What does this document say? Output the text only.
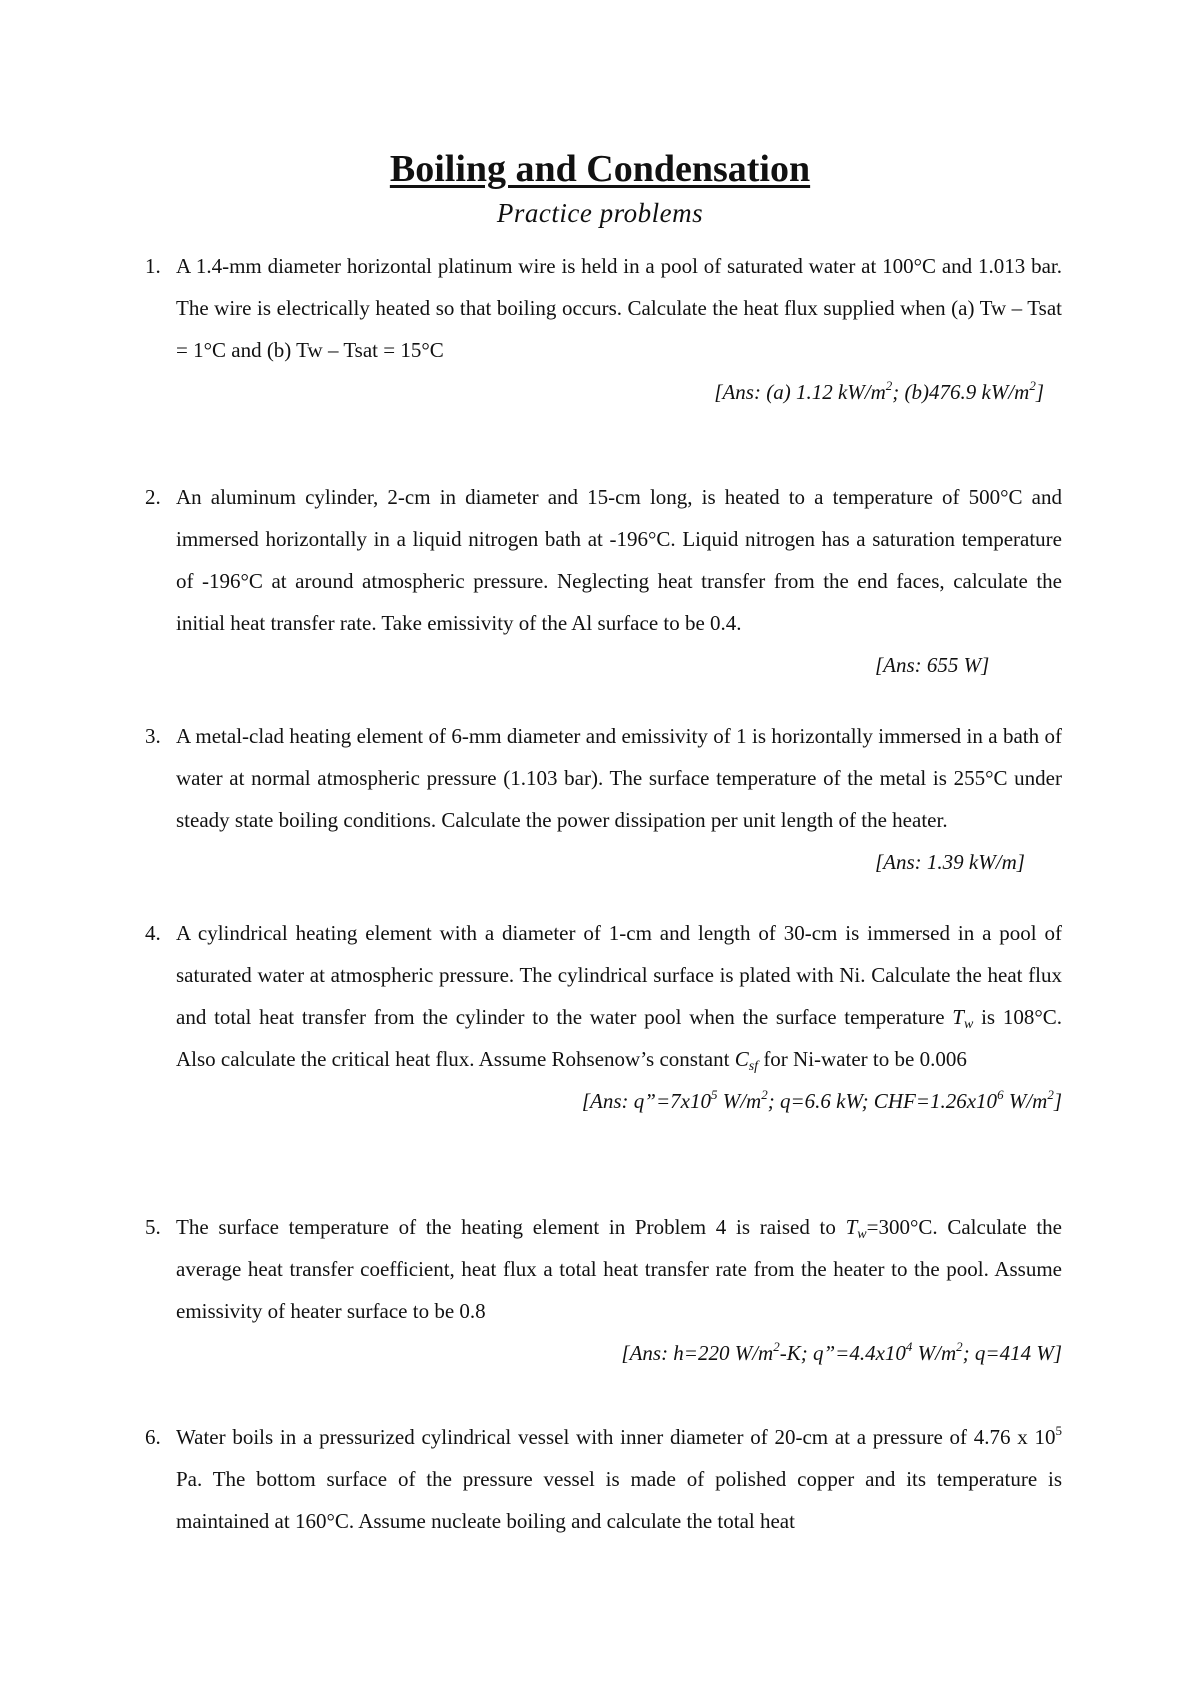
Boiling and Condensation
Practice problems
1. A 1.4-mm diameter horizontal platinum wire is held in a pool of saturated water at 100°C and 1.013 bar. The wire is electrically heated so that boiling occurs. Calculate the heat flux supplied when (a) Tw – Tsat = 1°C and (b) Tw – Tsat = 15°C
[Ans: (a) 1.12 $kW/m^2$; (b)476.9 $kW/m^2$]
2. An aluminum cylinder, 2-cm in diameter and 15-cm long, is heated to a temperature of 500°C and immersed horizontally in a liquid nitrogen bath at -196°C. Liquid nitrogen has a saturation temperature of -196°C at around atmospheric pressure. Neglecting heat transfer from the end faces, calculate the initial heat transfer rate. Take emissivity of the Al surface to be 0.4.
[Ans: 655 W]
3. A metal-clad heating element of 6-mm diameter and emissivity of 1 is horizontally immersed in a bath of water at normal atmospheric pressure (1.103 bar). The surface temperature of the metal is 255°C under steady state boiling conditions. Calculate the power dissipation per unit length of the heater.
[Ans: 1.39 kW/m]
4. A cylindrical heating element with a diameter of 1-cm and length of 30-cm is immersed in a pool of saturated water at atmospheric pressure. The cylindrical surface is plated with Ni. Calculate the heat flux and total heat transfer from the cylinder to the water pool when the surface temperature $T_w$ is 108°C. Also calculate the critical heat flux. Assume Rohsenow’s constant $C_{sf}$ for Ni-water to be 0.006
[Ans: $q”=7x10^5$ $W/m^2$; q=6.6 kW; $CHF=1.26x10^6$ $W/m^2$]
5. The surface temperature of the heating element in Problem 4 is raised to $T_w=300^\circ C$. Calculate the average heat transfer coefficient, heat flux a total heat transfer rate from the heater to the pool. Assume emissivity of heater surface to be 0.8
[Ans: h=220 $W/m^2-K$; $q”=4.4x10^4$ $W/m^2$; q=414 W]
6. Water boils in a pressurized cylindrical vessel with inner diameter of 20-cm at a pressure of 4.76 x $10^5$ Pa. The bottom surface of the pressure vessel is made of polished copper and its temperature is maintained at 160°C. Assume nucleate boiling and calculate the total heat
